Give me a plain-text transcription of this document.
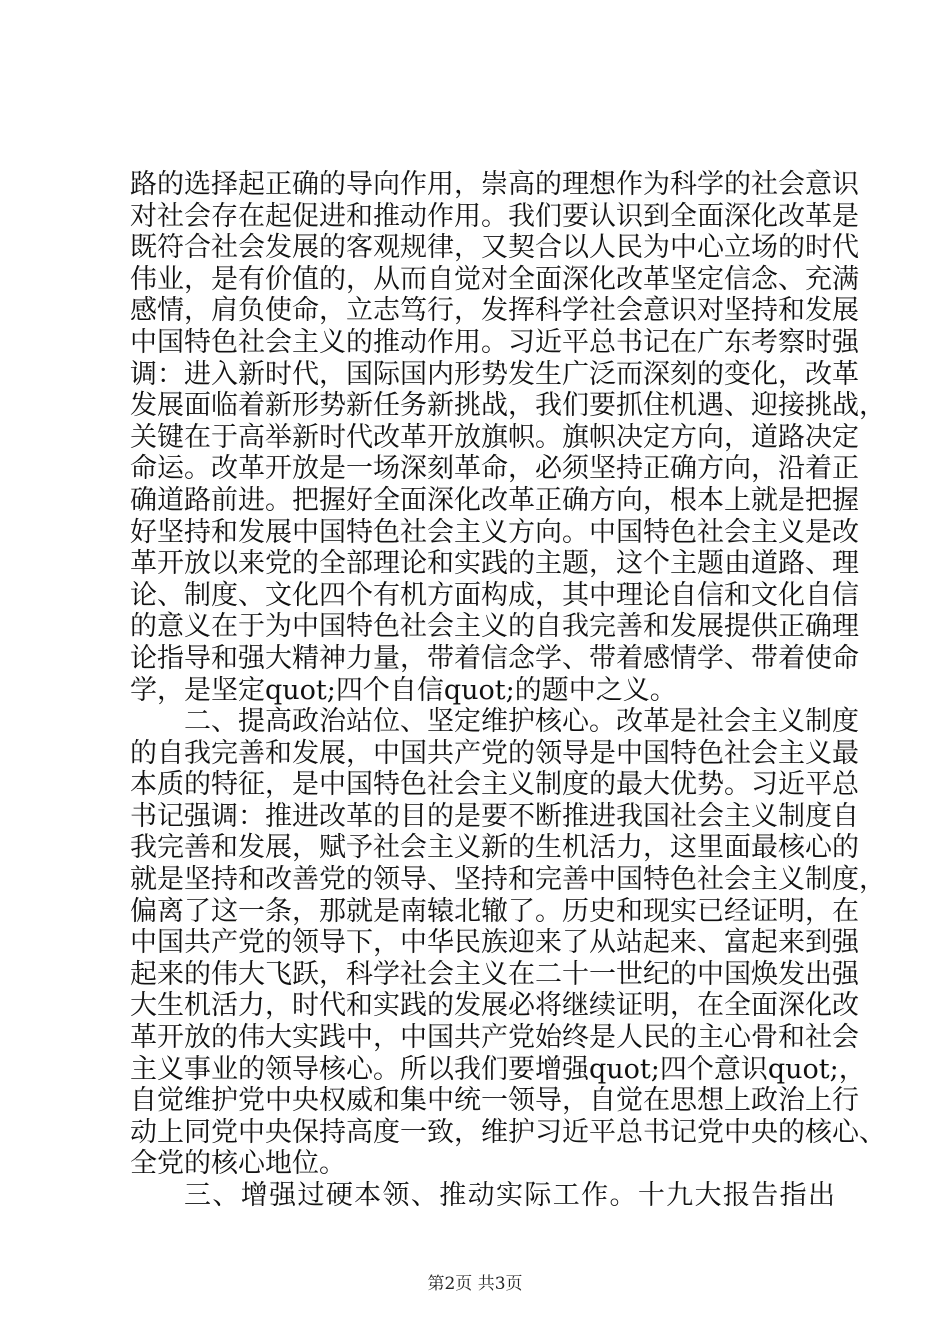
路的选择起正确的导向作用，崇高的理想作为科学的社会意识
对社会存在起促进和推动作用。我们要认识到全面深化改革是
既符合社会发展的客观规律，又契合以人民为中心立场的时代
伟业，是有价值的，从而自觉对全面深化改革坚定信念、充满
感情，肩负使命，立志笃行，发挥科学社会意识对坚持和发展
中国特色社会主义的推动作用。习近平总书记在广东考察时强
调：进入新时代，国际国内形势发生广泛而深刻的变化，改革
发展面临着新形势新任务新挑战，我们要抓住机遇、迎接挑战，
关键在于高举新时代改革开放旗帜。旗帜决定方向，道路决定
命运。改革开放是一场深刻革命，必须坚持正确方向，沿着正
确道路前进。把握好全面深化改革正确方向，根本上就是把握
好坚持和发展中国特色社会主义方向。中国特色社会主义是改
革开放以来党的全部理论和实践的主题，这个主题由道路、理
论、制度、文化四个有机方面构成，其中理论自信和文化自信
的意义在于为中国特色社会主义的自我完善和发展提供正确理
论指导和强大精神力量，带着信念学、带着感情学、带着使命
学，是坚定quot;四个自信quot;的题中之义。
二、提高政治站位、坚定维护核心。改革是社会主义制度
的自我完善和发展，中国共产党的领导是中国特色社会主义最
本质的特征，是中国特色社会主义制度的最大优势。习近平总
书记强调：推进改革的目的是要不断推进我国社会主义制度自
我完善和发展，赋予社会主义新的生机活力，这里面最核心的
就是坚持和改善党的领导、坚持和完善中国特色社会主义制度，
偏离了这一条，那就是南辕北辙了。历史和现实已经证明，在
中国共产党的领导下，中华民族迎来了从站起来、富起来到强
起来的伟大飞跃，科学社会主义在二十一世纪的中国焕发出强
大生机活力，时代和实践的发展必将继续证明，在全面深化改
革开放的伟大实践中，中国共产党始终是人民的主心骨和社会
主义事业的领导核心。所以我们要增强quot;四个意识quot;，
自觉维护党中央权威和集中统一领导，自觉在思想上政治上行
动上同党中央保持高度一致，维护习近平总书记党中央的核心、
全党的核心地位。
三、增强过硬本领、推动实际工作。十九大报告指出
第2页 共3页
